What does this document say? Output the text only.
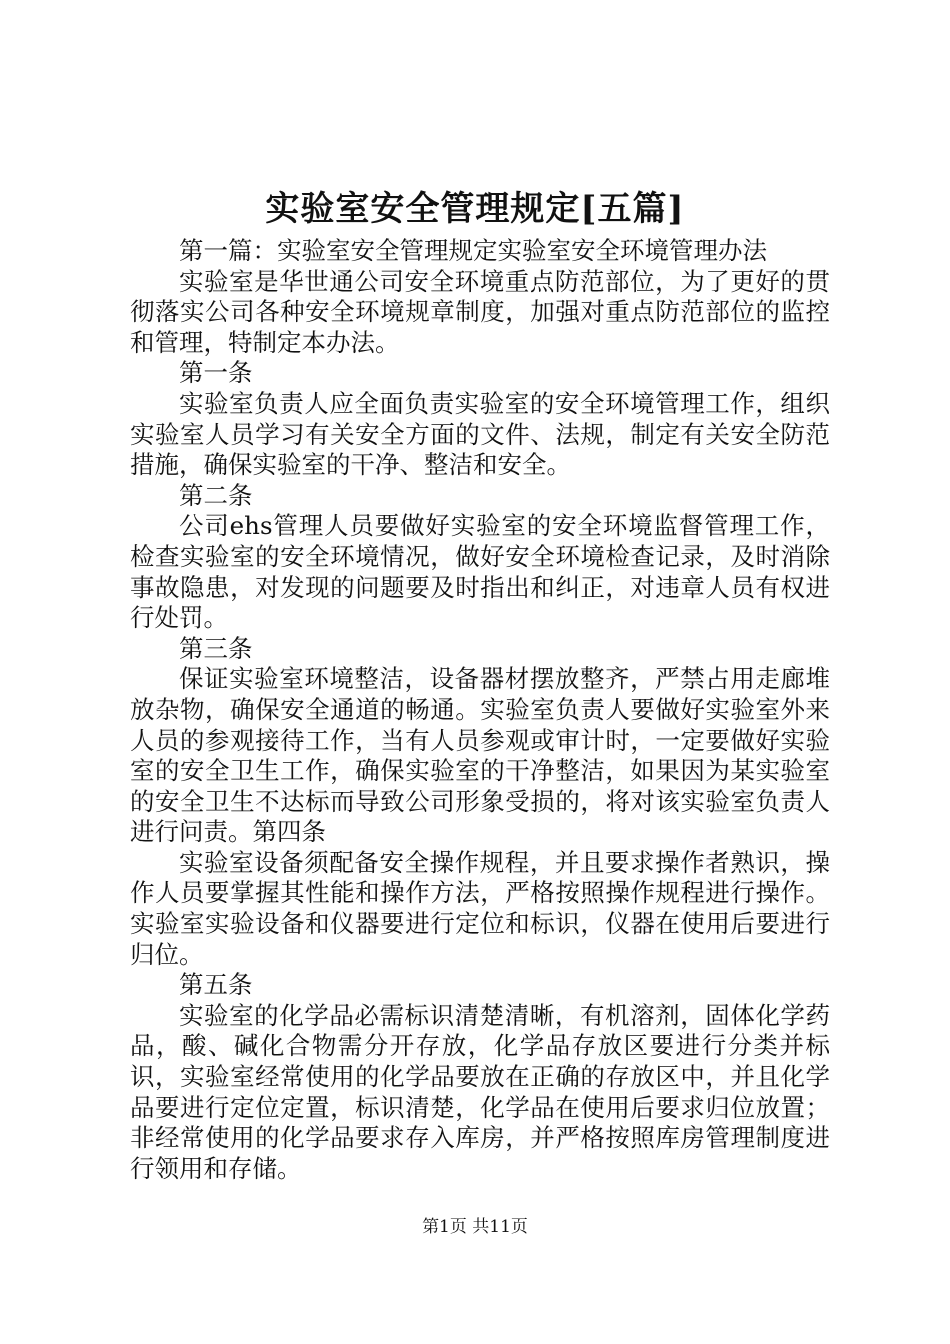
实验室安全管理规定[五篇]

第一篇：实验室安全管理规定实验室安全环境管理办法

实验室是华世通公司安全环境重点防范部位，为了更好的贯彻落实公司各种安全环境规章制度，加强对重点防范部位的监控和管理，特制定本办法。

第一条

实验室负责人应全面负责实验室的安全环境管理工作，组织实验室人员学习有关安全方面的文件、法规，制定有关安全防范措施，确保实验室的干净、整洁和安全。

第二条

公司ehs管理人员要做好实验室的安全环境监督管理工作，检查实验室的安全环境情况，做好安全环境检查记录，及时消除事故隐患，对发现的问题要及时指出和纠正，对违章人员有权进行处罚。

第三条

保证实验室环境整洁，设备器材摆放整齐，严禁占用走廊堆放杂物，确保安全通道的畅通。实验室负责人要做好实验室外来人员的参观接待工作，当有人员参观或审计时，一定要做好实验室的安全卫生工作，确保实验室的干净整洁，如果因为某实验室的安全卫生不达标而导致公司形象受损的，将对该实验室负责人进行问责。第四条

实验室设备须配备安全操作规程，并且要求操作者熟识，操作人员要掌握其性能和操作方法，严格按照操作规程进行操作。实验室实验设备和仪器要进行定位和标识，仪器在使用后要进行归位。

第五条

实验室的化学品必需标识清楚清晰，有机溶剂，固体化学药品，酸、碱化合物需分开存放，化学品存放区要进行分类并标识，实验室经常使用的化学品要放在正确的存放区中，并且化学品要进行定位定置，标识清楚，化学品在使用后要求归位放置；非经常使用的化学品要求存入库房，并严格按照库房管理制度进行领用和存储。

第1页 共11页
